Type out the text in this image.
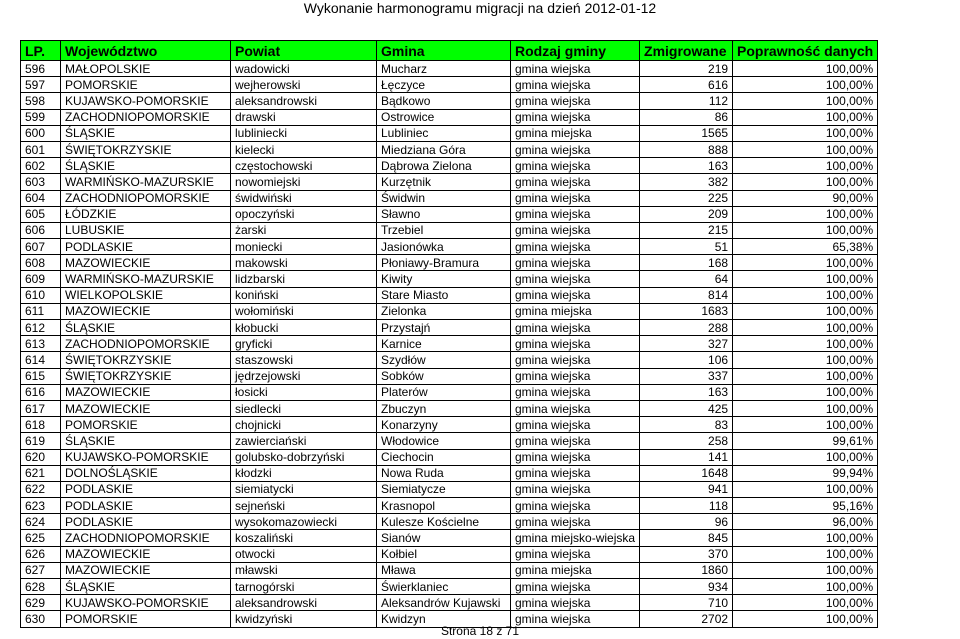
Wykonanie harmonogramu migracji na dzień 2012-01-12
LP.	Województwo	Powiat	Gmina	Rodzaj gminy	Zmigrowane	Poprawność danych
596	MAŁOPOLSKIE	wadowicki	Mucharz	gmina wiejska	219	100,00%
597	POMORSKIE	wejherowski	Łęczyce	gmina wiejska	616	100,00%
598	KUJAWSKO-POMORSKIE	aleksandrowski	Bądkowo	gmina wiejska	112	100,00%
599	ZACHODNIOPOMORSKIE	drawski	Ostrowice	gmina wiejska	86	100,00%
600	ŚLĄSKIE	lubliniecki	Lubliniec	gmina miejska	1565	100,00%
601	ŚWIĘTOKRZYSKIE	kielecki	Miedziana Góra	gmina wiejska	888	100,00%
602	ŚLĄSKIE	częstochowski	Dąbrowa Zielona	gmina wiejska	163	100,00%
603	WARMIŃSKO-MAZURSKIE	nowomiejski	Kurzętnik	gmina wiejska	382	100,00%
604	ZACHODNIOPOMORSKIE	świdwiński	Świdwin	gmina wiejska	225	90,00%
605	ŁÓDZKIE	opoczyński	Sławno	gmina wiejska	209	100,00%
606	LUBUSKIE	żarski	Trzebiel	gmina wiejska	215	100,00%
607	PODLASKIE	moniecki	Jasionówka	gmina wiejska	51	65,38%
608	MAZOWIECKIE	makowski	Płoniawy-Bramura	gmina wiejska	168	100,00%
609	WARMIŃSKO-MAZURSKIE	lidzbarski	Kiwity	gmina wiejska	64	100,00%
610	WIELKOPOLSKIE	koniński	Stare Miasto	gmina wiejska	814	100,00%
611	MAZOWIECKIE	wołomiński	Zielonka	gmina miejska	1683	100,00%
612	ŚLĄSKIE	kłobucki	Przystajń	gmina wiejska	288	100,00%
613	ZACHODNIOPOMORSKIE	gryficki	Karnice	gmina wiejska	327	100,00%
614	ŚWIĘTOKRZYSKIE	staszowski	Szydłów	gmina wiejska	106	100,00%
615	ŚWIĘTOKRZYSKIE	jędrzejowski	Sobków	gmina wiejska	337	100,00%
616	MAZOWIECKIE	łosicki	Platerów	gmina wiejska	163	100,00%
617	MAZOWIECKIE	siedlecki	Zbuczyn	gmina wiejska	425	100,00%
618	POMORSKIE	chojnicki	Konarzyny	gmina wiejska	83	100,00%
619	ŚLĄSKIE	zawierciański	Włodowice	gmina wiejska	258	99,61%
620	KUJAWSKO-POMORSKIE	golubsko-dobrzyński	Ciechocin	gmina wiejska	141	100,00%
621	DOLNOŚLĄSKIE	kłodzki	Nowa Ruda	gmina wiejska	1648	99,94%
622	PODLASKIE	siemiatycki	Siemiatycze	gmina wiejska	941	100,00%
623	PODLASKIE	sejneński	Krasnopol	gmina wiejska	118	95,16%
624	PODLASKIE	wysokomazowiecki	Kulesze Kościelne	gmina wiejska	96	96,00%
625	ZACHODNIOPOMORSKIE	koszaliński	Sianów	gmina miejsko-wiejska	845	100,00%
626	MAZOWIECKIE	otwocki	Kołbiel	gmina wiejska	370	100,00%
627	MAZOWIECKIE	mławski	Mława	gmina miejska	1860	100,00%
628	ŚLĄSKIE	tarnogórski	Świerklaniec	gmina wiejska	934	100,00%
629	KUJAWSKO-POMORSKIE	aleksandrowski	Aleksandrów Kujawski	gmina wiejska	710	100,00%
630	POMORSKIE	kwidzyński	Kwidzyn	gmina wiejska	2702	100,00%
Strona 18 z 71
